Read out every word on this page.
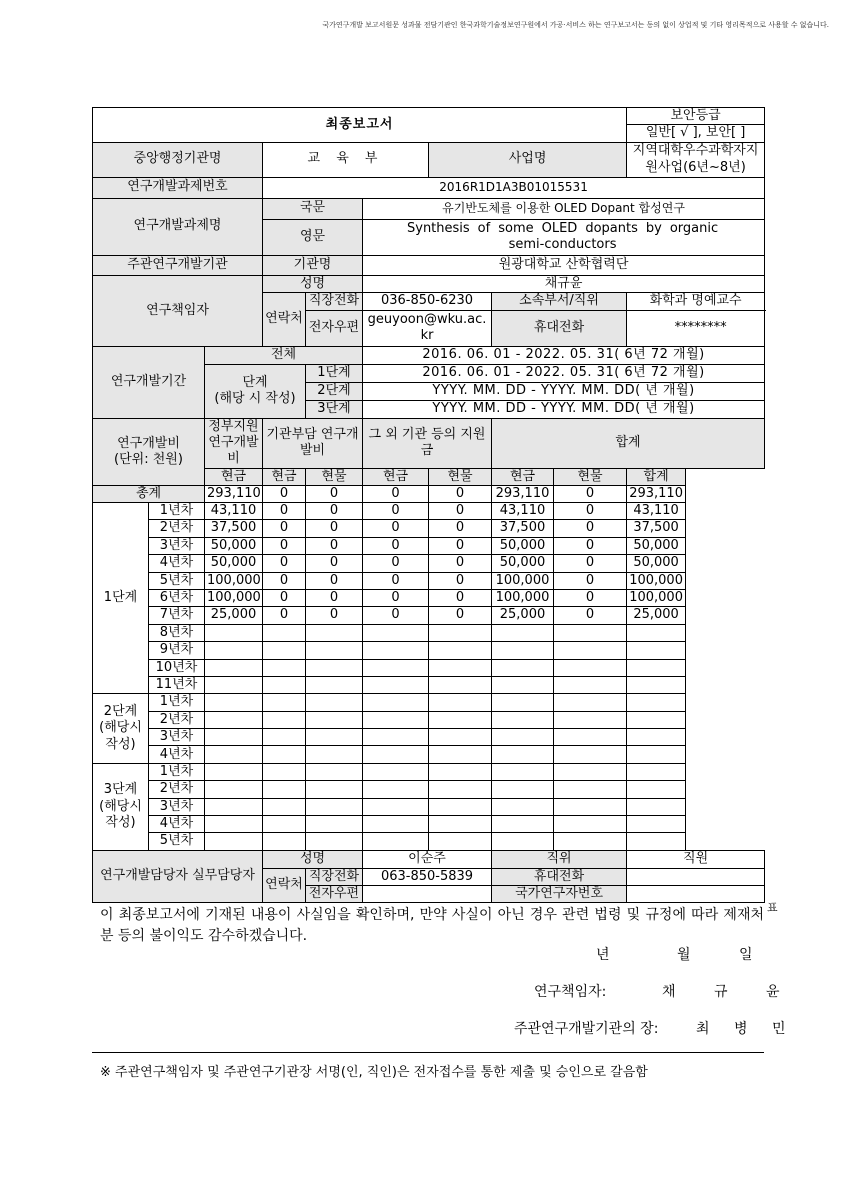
국가연구개발 보고서원문 성과물 전담기관인 한국과학기술정보연구원에서 가공·서비스 하는 연구보고서는 동의 없이 상업적 및 기타 영리목적으로 사용할 수 없습니다.
최종보고서									보안등급
									일반[ √ ], 보안[ ]
중앙행정기관명			교 육 부			사업명			지역대학우수과학자지원사업(6년~8년)
연구개발과제번호			2016R1D1A3B01015531						
연구개발과제명			국문		유기반도체를 이용한 OLED Dopant 합성연구				
			영문		Synthesis of some OLED dopants by organic semi-conductors				
주관연구개발기관			기관명		원광대학교 산학협력단				
연구책임자			성명		채규윤				
			연락처	직장전화	036-850-6230		소속부서/직위		화학과 명예교수
				전자우편	geuyoon@wku.ac.kr		휴대전화		********
연구개발기간		전체			2016. 06. 01 - 2022. 05. 31( 6년 72 개월)				
		단계
(해당 시 작성)		1단계	2016. 06. 01 - 2022. 05. 31( 6년 72 개월)				
				2단계	YYYY. MM. DD - YYYY. MM. DD( 년 개월)				
				3단계	YYYY. MM. DD - YYYY. MM. DD( 년 개월)				
연구개발비
(단위: 천원)		정부지원 연구개발비	기관부담 연구개발비		그 외 기관 등의 지원금		합계		
		현금	현금	현물	현금	현물	현금	현물	합계
총계		293,110	0	0	0	0	293,110	0	293,110
1단계	1년차	43,110	0	0	0	0	43,110	0	43,110
	2년차	37,500	0	0	0	0	37,500	0	37,500
	3년차	50,000	0	0	0	0	50,000	0	50,000
	4년차	50,000	0	0	0	0	50,000	0	50,000
	5년차	100,000	0	0	0	0	100,000	0	100,000
	6년차	100,000	0	0	0	0	100,000	0	100,000
	7년차	25,000	0	0	0	0	25,000	0	25,000
	8년차								
	9년차								
	10년차								
	11년차								
2단계 (해당시 작성)	1년차								
	2년차								
	3년차								
	4년차								
3단계 (해당시 작성)	1년차								
	2년차								
	3년차								
	4년차								
	5년차								
연구개발담당자 실무담당자			성명		이순주		직위		직원
			연락처	직장전화	063-850-5839		휴대전화		
				전자우편			국가연구자번호		
표
이 최종보고서에 기재된 내용이 사실임을 확인하며, 만약 사실이 아닌 경우 관련 법령 및 규정에 따라 제재처분 등의 불이익도 감수하겠습니다.
년	월	일
연구책임자:	채 규 윤
주관연구개발기관의 장:	최 병 민
※ 주관연구책임자 및 주관연구기관장 서명(인, 직인)은 전자접수를 통한 제출 및 승인으로 갈음함
